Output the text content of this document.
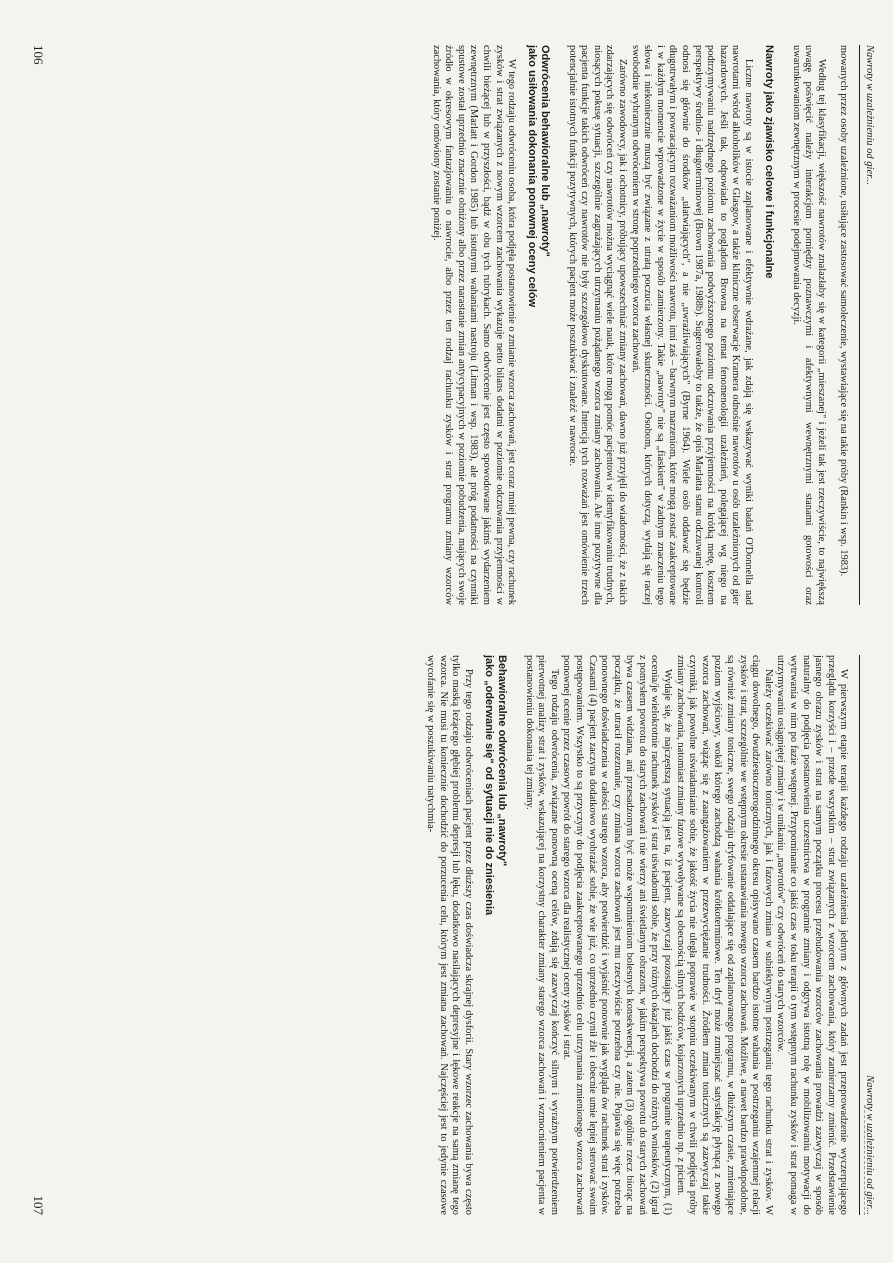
Nawroty w uzależnieniu od gier...

mowanych przez osoby uzależnione, usiłujące zastosować samoleczenie, wystawiające się na takie próby (Rankin i wsp. 1983).

Według tej klasyfikacji, większość nawrotów znalazłaby się w kategorii „mieszanej" i jeżeli tak jest rzeczywiście, to największą uwagę poświęcić należy interakcjom pomiędzy poznawczymi i afektywnymi wewnętrznymi stanami gotowości oraz uwarunkowaniom zewnętrznym w procesie podejmowania decyzji.

Nawroty jako zjawisko celowe i funkcjonalne

Liczne nawroty są w istocie zaplanowane i efektywnie wdrażane, jak zdają się wskazywać wyniki badań O'Donnella nad nawrotami wśród alkoholików w Glasgow, a także kliniczne obserwacje Kramera odnośnie nawrotów u osób uzależnionych od gier hazardowych. Jeśli tak, odpowiada to poglądom Browna na temat fenomenologii uzależnień, polegającej wg niego na podtrzymywaniu nadrzędnego poziomu zachowania podwyższonego poziomu odczuwania przyjemności na krótką metę, kosztem perspektywy średnio- i długoterminowej (Brown 1987a, 1988b). Sugerowałoby to także, że opis Marlatta stanu odczuwanej kontroli odnosi się głównie do środków „ułatwiających", a nie „uwrażliwiających" (Byrne 1964). Wiele osób oddawać się będzie długotrwałym i powracającym rozważaniom możliwości nawrotu, inni zaś – barwnym marzeniom, które mogą zostać zaakceptowane i w każdym momencie wprowadzone w życie w sposób zamierzony. Takie „nawroty" nie są „fiaskiem" w żadnym znaczeniu tego słowa i niekoniecznie muszą być związane z utratą poczucia własnej skuteczności. Osobom, których dotyczą, wydają się raczej swobodnie wybranym odwróceniem w stronę poprzedniego wzorca zachowań.

Zarówno zawodowcy, jak i ochotnicy, próbujący upowszechniać zmiany zachowań, dawno już przyjęli do wiadomości, że z takich zdarzających się odwróceń czy nawrotów można wyciągnąć wiele nauk, które mogą pomóc pacjentowi w identyfikowaniu trudnych, niosących pokusę sytuacji, szczególnie zagrażających utrzymaniu pożądanego wzorca zmiany zachowania. Ale inne pozytywne dla pacjenta funkcje takich odwróceń czy nawrotów nie były szczegółowo dyskutowane. Intencją tych rozważań jest omówienie trzech potencjalnie istotnych funkcji pozytywnych, których pacjent może poszukiwać i znaleźć w nawrocie.

Odwrócenia behawioralne lub „nawroty"
jako usiłowania dokonania ponownej oceny celów

W tego rodzaju odwróceniu osoba, która podjęła postanowienie o zmianie wzorca zachowań, jest coraz mniej pewna, czy rachunek zysków i strat związanych z nowym wzorcem zachowania wykazuje netto bilans dodatni w poziomie odczuwania przyjemności w chwili bieżącej lub w przyszłości, bądź w obu tych rubrykach. Samo odwrócenie jest często spowodowane jakimś wydarzeniem zewnętrznym (Marlatt i Gordon 1985) lub istotnymi wahaniami nastroju (Litman i wsp. 1983), ale próg podatności na czynniki spustowe został uprzednio znacznie obniżony albo przez narastanie zmian antycypacyjnych w poziomie pobudzenia, mających swoje źródło w okresowym fantazjowaniu o nawrocie, albo przez ten rodzaj rachunku zysków i strat programu zmiany wzorców zachowania, który omówiony zostanie poniżej.

106
Nawroty w uzależnieniu od gier...

W pierwszym etapie terapii każdego rodzaju uzależnienia jednym z głównych zadań jest przeprowadzenie wyczerpującego przeglądu korzyści i – przede wszystkim – strat związanych z wzorcem zachowania, który zamierzamy zmienić. Przedstawienie jasnego obrazu zysków i strat na samym początku procesu przebudowania wzorców zachowania prowadzi zazwyczaj w sposób naturalny do podjęcia postanowienia uczestnictwa w programie zmiany i odgrywa istotną rolę w mobilizowaniu motywacji do wytrwania w nim po fazie wstępnej. Przypominanie co jakiś czas w toku terapii o tym wstępnym rachunku zysków i strat pomaga w utrzymywaniu osiągniętej zmiany i w unikaniu „nawrotów" czy odwróceń do starych wzorców.

Należy oczekiwać zarówno tonicznych, jak i fazowych zmian w subiektywnym postrzeganiu tego rachunku strat i zysków. W ciągu dowolnego, dwudziestoczterogodzinnego okresu opisywano czasem bardzo istotne wahania w postrzeganiu wzajemnej relacji zysków i strat, szczególnie we wstępnym okresie ustanawiania nowego wzorca zachowań. Możliwe, a nawet bardzo prawdopodobne, są również zmiany toniczne, swego rodzaju dryfowanie oddalające się od zaplanowanego programu, w dłuższym czasie, zmieniające poziom wyjściowy, wokół którego zachodzą wahania krótkoterminowe. Ten dryf może zmniejszać satysfakcję płynącą z nowego wzorca zachowań, wiążąc się z zaangażowaniem w przezwyciężanie trudności. Źródłem zmian tonicznych są zazwyczaj takie czynniki, jak powolne uświadamianie sobie, że jakość życia nie uległa poprawie w stopniu oczekiwanym w chwili podjęcia próby zmiany zachowania, natomiast zmiany fazowe wywoływane są obecnością silnych bodźców, kojarzonych uprzednio np. z piciem.

Wydaje się, że najczęstszą sytuacją jest ta, iż pacjent, zazwyczaj pozostający już jakiś czas w programie terapeutycznym, (1) ocenia/je wielokrotnie rachunek zysków i strat uświadomił sobie, że przy różnych okazjach dochodzi do różnych wniosków, (2) igrał z pomysłem powrotu do starych zachowań i nie wierzy ani świetlanym obrazom, w jakim perspektywa powrotu do starych zachowań bywa czasem widziana, ani przesadzonym być może wspomnieniom bolesnych konsekwencji, a zatem (3) ogólnie rzecz biorąc na początku, że utracił rozeznanie, czy zmiana wzorca zachowań jest mu rzeczywiście potrzebna czy nie. Pojawia się więc potrzeba ponownego doświadczenia w całości starego wzorca, aby potwierdzić i wyjaśnić ponownie jak wygląda ów rachunek strat i zysków. Czasami (4) pacjent zaczyna dodatkowo wyobrażać sobie, że wie już, co uprzednio czynił źle i obecnie umie lepiej sterować swoim postępowaniem. Wszystko to są przyczyny do podjęcia zaakceptowanego uprzednio celu utrzymania zmienionego wzorca zachowań ponownej ocenie przez czasowy powrót do starego wzorca dla realistycznej oceny zysków i strat.

Tego rodzaju odwrócenia, związane ponowną oceną celów, zdają się zazwyczaj kończyć silnym i wyraźnym potwierdzeniem pierwotnej analizy strat i zysków, wskazującej na korzystny charakter zmiany starego wzorca zachowań i wzmocnieniem pacjenta w postanowieniu dokonania tej zmiany.

Behawioralne odwrócenia lub „nawroty"
jako „oderwanie się" od sytuacji nie do zniesienia

Przy tego rodzaju odwróceniach pacjent przez dłuższy czas doświadcza skrajnej dysforii. Stary wzorzec zachowania bywa często tylko maską leżącego głębiej problemu depresji lub lęku, dodatkowo nasilających depresyjne i lękowe reakcje na samą zmianę tego wzorca. Nie musi tu koniecznie dochodzić do porzucenia celu, którym jest zmiana zachowań. Najczęściej jest to jedynie czasowe wycofanie się w poszukiwaniu natychmia-

107
